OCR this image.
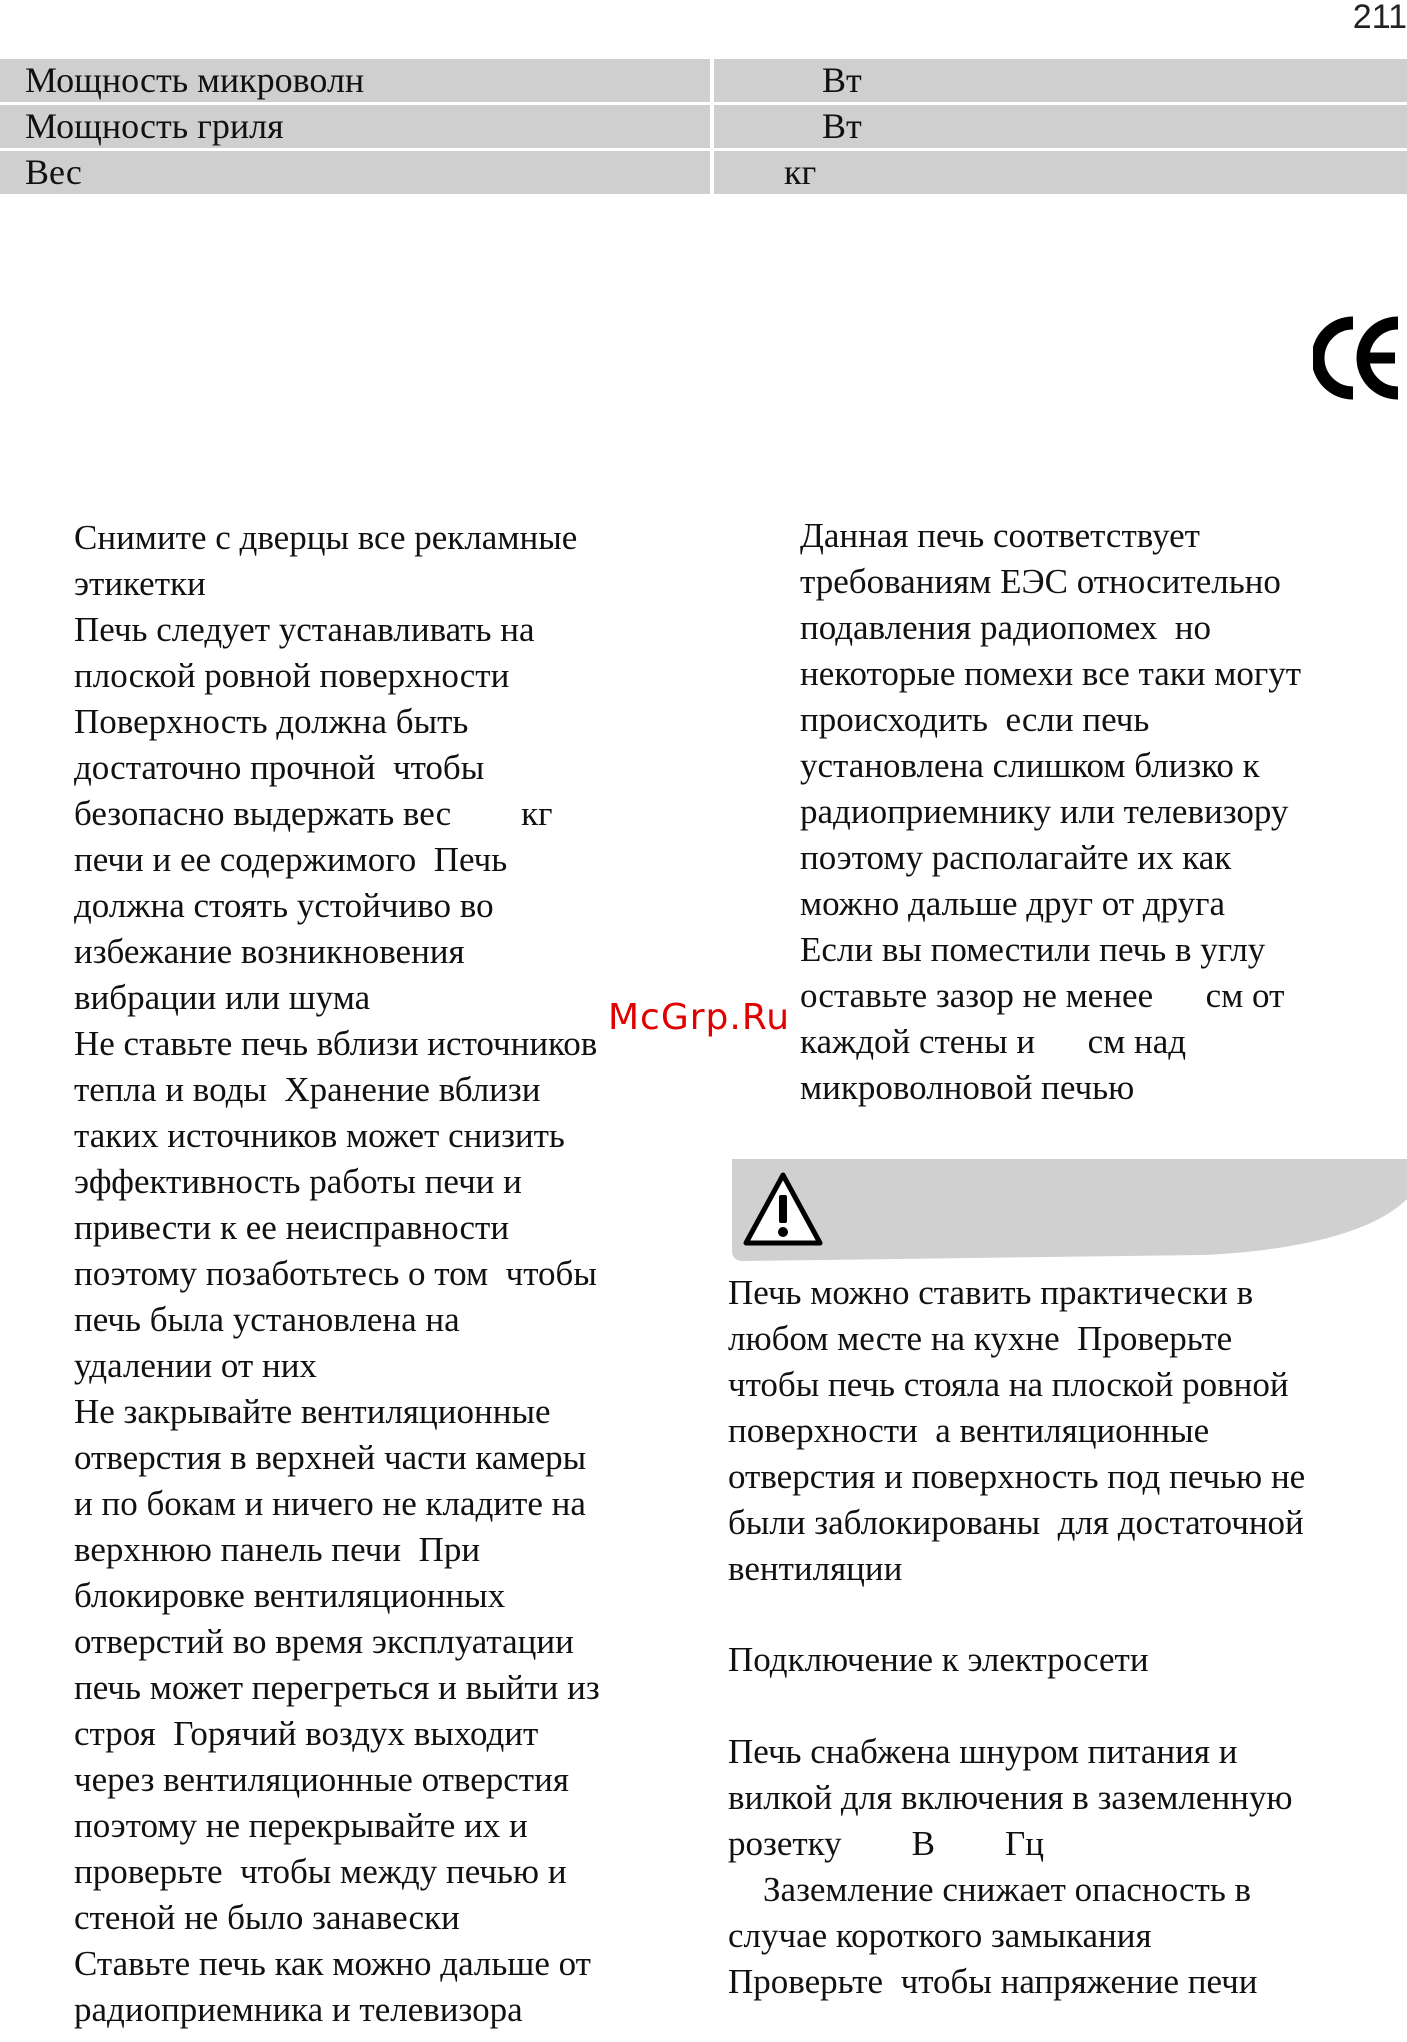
211
Мощность микроволн	Вт
Мощность гриля	Вт
Вес	кг
Снимите с дверцы все рекламные
этикетки
Печь следует устанавливать на
плоской ровной поверхности
Поверхность должна быть
достаточно прочной  чтобы
безопасно выдержать вес        кг
печи и ее содержимого  Печь
должна стоять устойчиво во
избежание возникновения
вибрации или шума
Не ставьте печь вблизи источников
тепла и воды  Хранение вблизи
таких источников может снизить
эффективность работы печи и
привести к ее неисправности
поэтому позаботьтесь о том  чтобы
печь была установлена на
удалении от них
Не закрывайте вентиляционные
отверстия в верхней части камеры
и по бокам и ничего не кладите на
верхнюю панель печи  При
блокировке вентиляционных
отверстий во время эксплуатации
печь может перегреться и выйти из
строя  Горячий воздух выходит
через вентиляционные отверстия
поэтому не перекрывайте их и
проверьте  чтобы между печью и
стеной не было занавески
Ставьте печь как можно дальше от
радиоприемника и телевизора
Данная печь соответствует
требованиям ЕЭС относительно
подавления радиопомех  но
некоторые помехи все таки могут
происходить  если печь
установлена слишком близко к
радиоприемнику или телевизору
поэтому располагайте их как
можно дальше друг от друга
Если вы поместили печь в углу
оставьте зазор не менее      см от
каждой стены и      см над
микроволновой печью
McGrp.Ru
Печь можно ставить практически в
любом месте на кухне  Проверьте
чтобы печь стояла на плоской ровной
поверхности  а вентиляционные
отверстия и поверхность под печью не
были заблокированы  для достаточной
вентиляции
Подключение к электросети
Печь снабжена шнуром питания и
вилкой для включения в заземленную
розетку        В        Гц
Заземление снижает опасность в
случае короткого замыкания
Проверьте  чтобы напряжение печи
